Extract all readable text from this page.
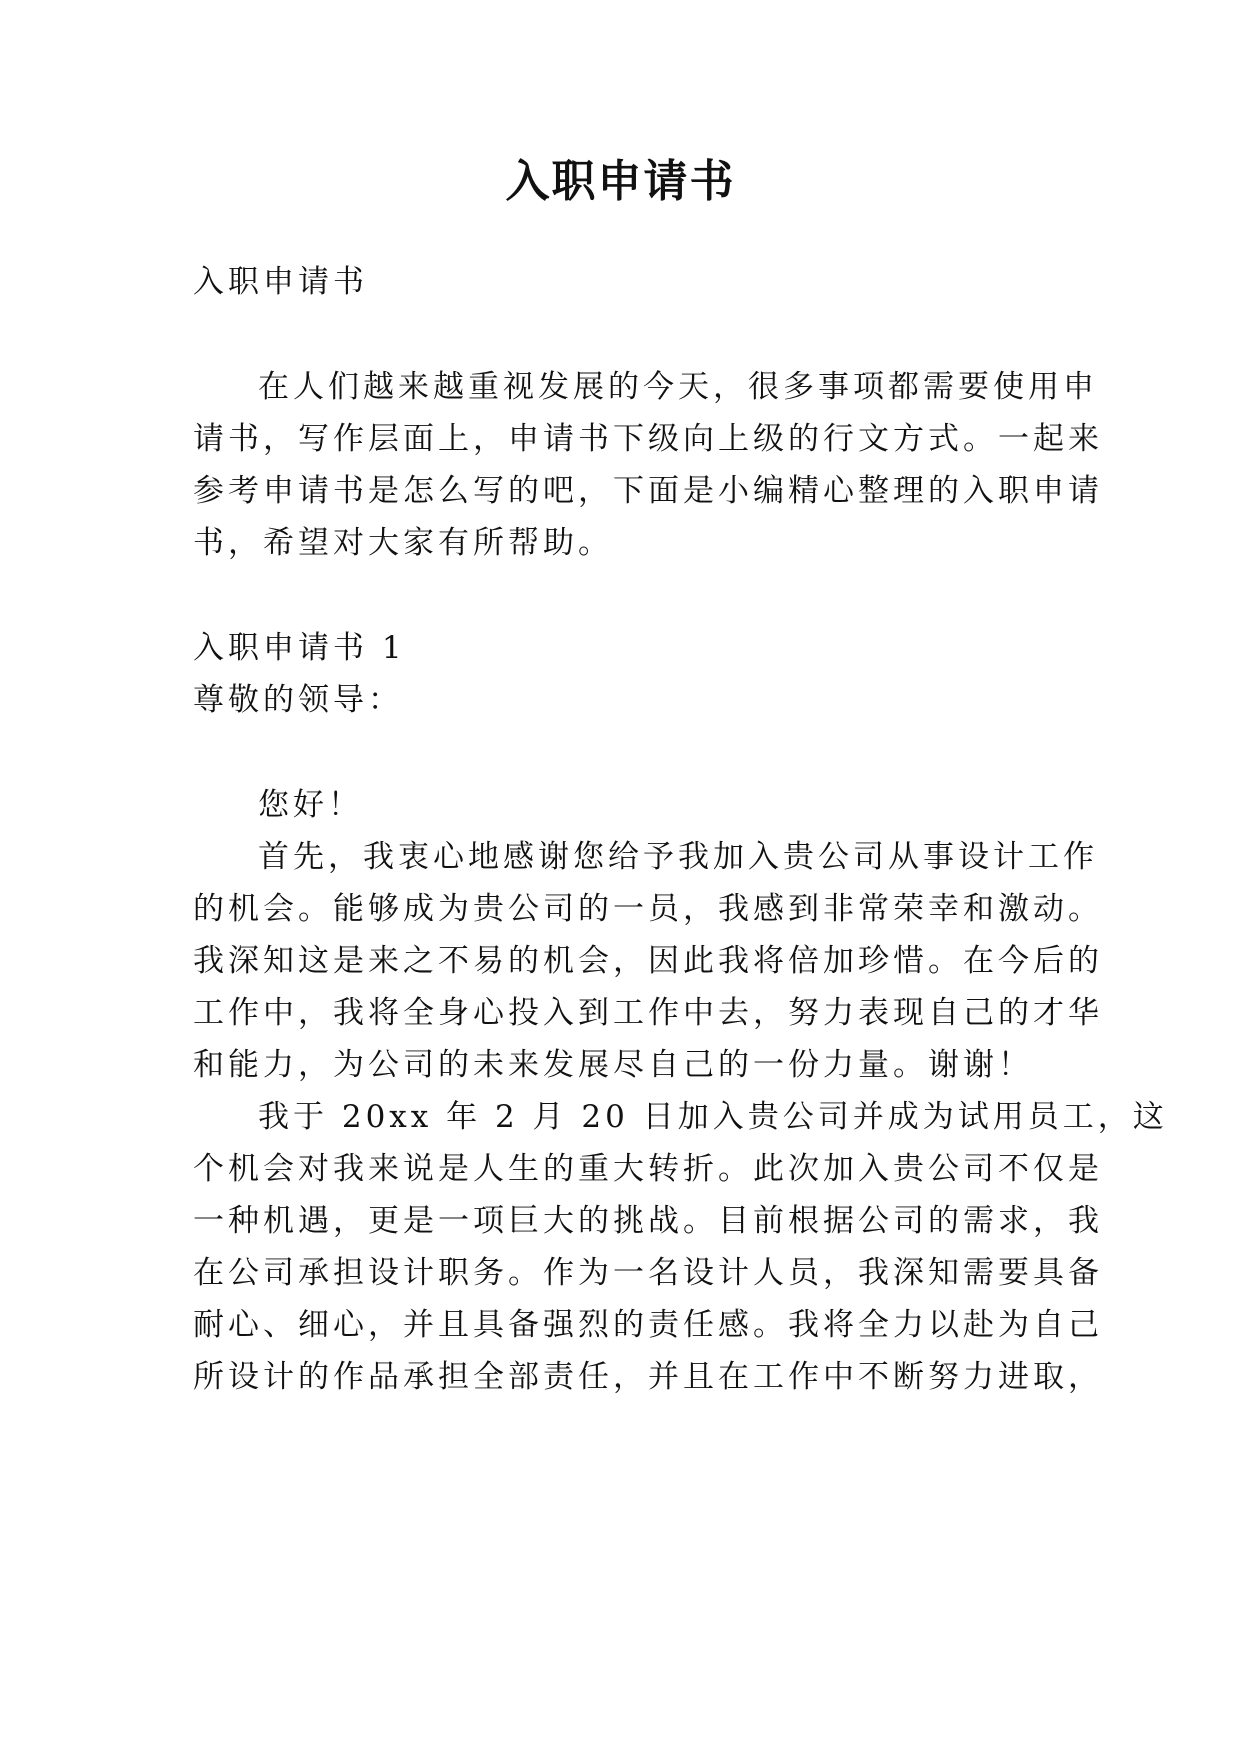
入职申请书
入职申请书
在人们越来越重视发展的今天，很多事项都需要使用申
请书，写作层面上，申请书下级向上级的行文方式。一起来
参考申请书是怎么写的吧，下面是小编精心整理的入职申请
书，希望对大家有所帮助。
入职申请书 1
尊敬的领导：
您好！
首先，我衷心地感谢您给予我加入贵公司从事设计工作
的机会。能够成为贵公司的一员，我感到非常荣幸和激动。
我深知这是来之不易的机会，因此我将倍加珍惜。在今后的
工作中，我将全身心投入到工作中去，努力表现自己的才华
和能力，为公司的未来发展尽自己的一份力量。谢谢！
我于 20xx 年 2 月 20 日加入贵公司并成为试用员工，这
个机会对我来说是人生的重大转折。此次加入贵公司不仅是
一种机遇，更是一项巨大的挑战。目前根据公司的需求，我
在公司承担设计职务。作为一名设计人员，我深知需要具备
耐心、细心，并且具备强烈的责任感。我将全力以赴为自己
所设计的作品承担全部责任，并且在工作中不断努力进取，
